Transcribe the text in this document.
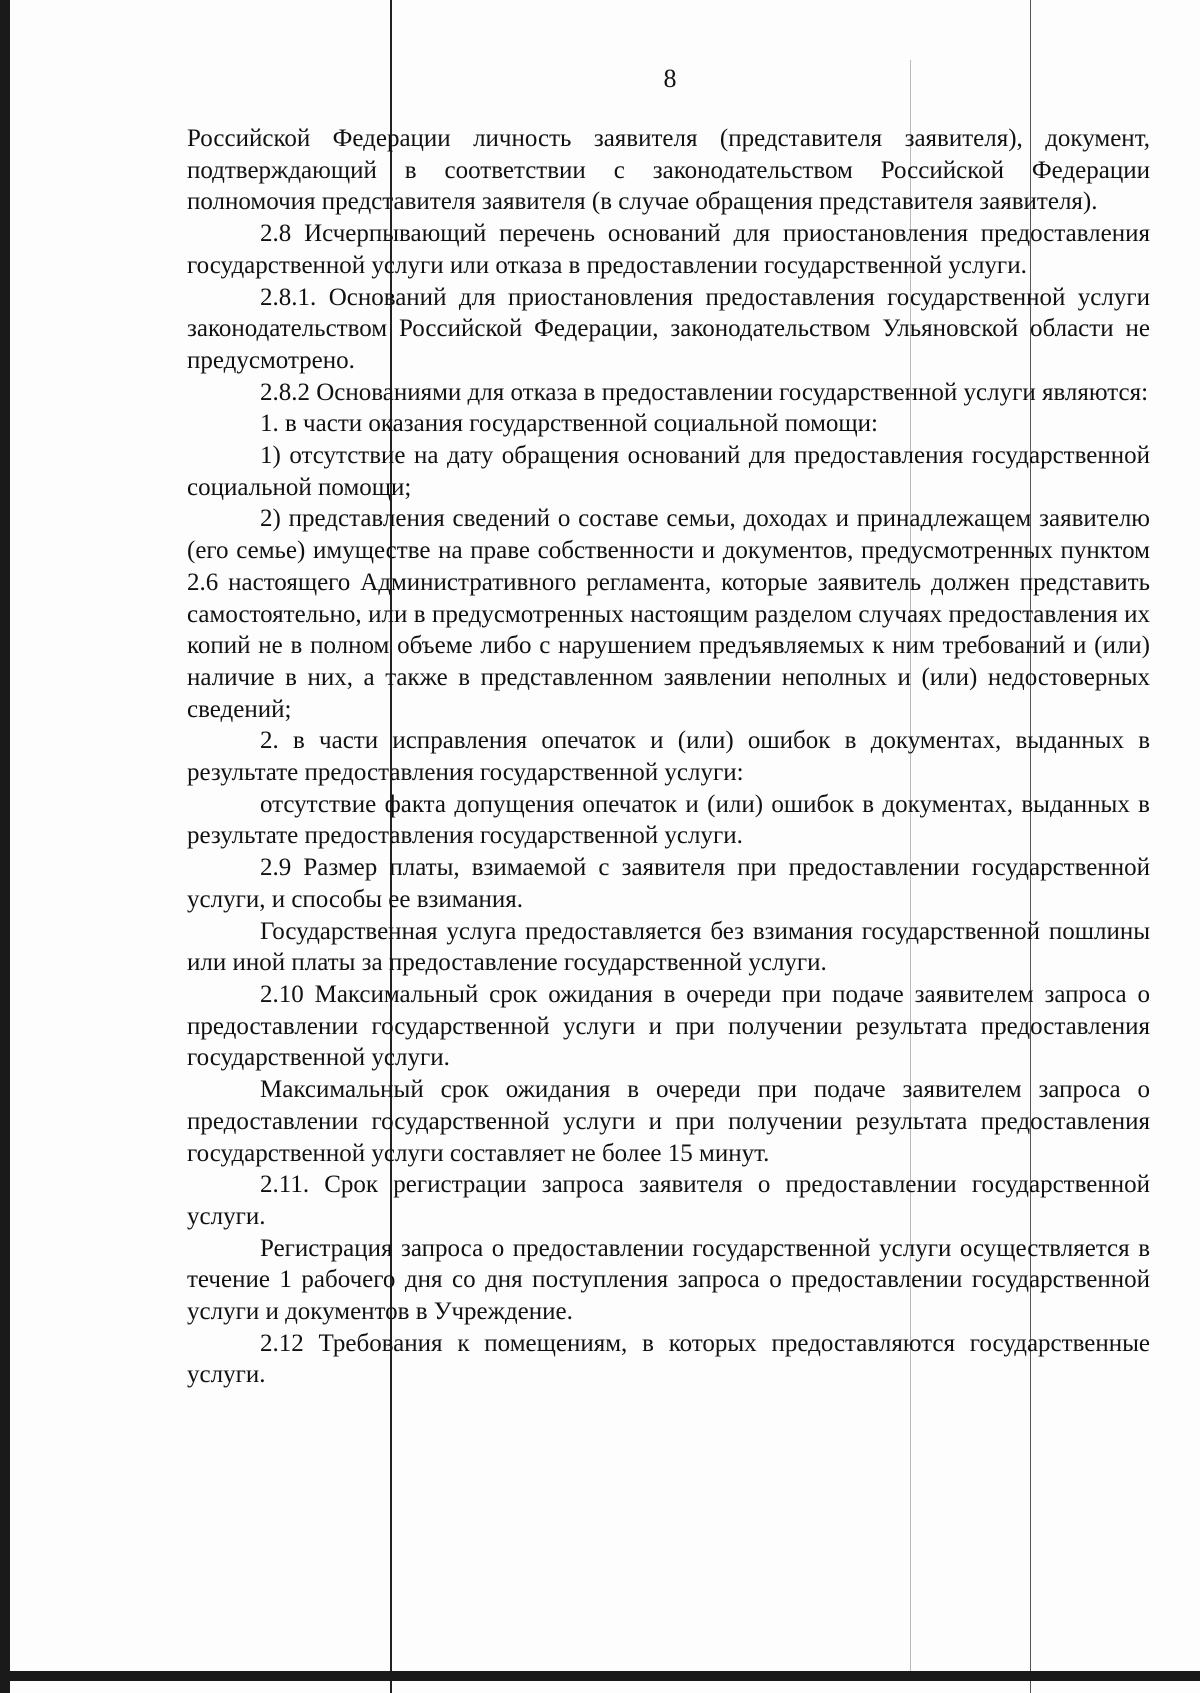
8

Российской Федерации личность заявителя (представителя заявителя), документ, подтверждающий в соответствии с законодательством Российской Федерации полномочия представителя заявителя (в случае обращения представителя заявителя).

2.8 Исчерпывающий перечень оснований для приостановления предоставления государственной услуги или отказа в предоставлении государственной услуги.

2.8.1. Оснований для приостановления предоставления государственной услуги законодательством Российской Федерации, законодательством Ульяновской области не предусмотрено.

2.8.2 Основаниями для отказа в предоставлении государственной услуги являются:

1. в части оказания государственной социальной помощи:

1) отсутствие на дату обращения оснований для предоставления государственной социальной помощи;

2) представления сведений о составе семьи, доходах и принадлежащем заявителю (его семье) имуществе на праве собственности и документов, предусмотренных пунктом 2.6 настоящего Административного регламента, которые заявитель должен представить самостоятельно, или в предусмотренных настоящим разделом случаях предоставления их копий не в полном объеме либо с нарушением предъявляемых к ним требований и (или) наличие в них, а также в представленном заявлении неполных и (или) недостоверных сведений;

2. в части исправления опечаток и (или) ошибок в документах, выданных в результате предоставления государственной услуги:

отсутствие факта допущения опечаток и (или) ошибок в документах, выданных в результате предоставления государственной услуги.

2.9 Размер платы, взимаемой с заявителя при предоставлении государственной услуги, и способы ее взимания.

Государственная услуга предоставляется без взимания государственной пошлины или иной платы за предоставление государственной услуги.

2.10 Максимальный срок ожидания в очереди при подаче заявителем запроса о предоставлении государственной услуги и при получении результата предоставления государственной услуги.

Максимальный срок ожидания в очереди при подаче заявителем запроса о предоставлении государственной услуги и при получении результата предоставления государственной услуги составляет не более 15 минут.

2.11. Срок регистрации запроса заявителя о предоставлении государственной услуги.

Регистрация запроса о предоставлении государственной услуги осуществляется в течение 1 рабочего дня со дня поступления запроса о предоставлении государственной услуги и документов в Учреждение.

2.12 Требования к помещениям, в которых предоставляются государственные услуги.
